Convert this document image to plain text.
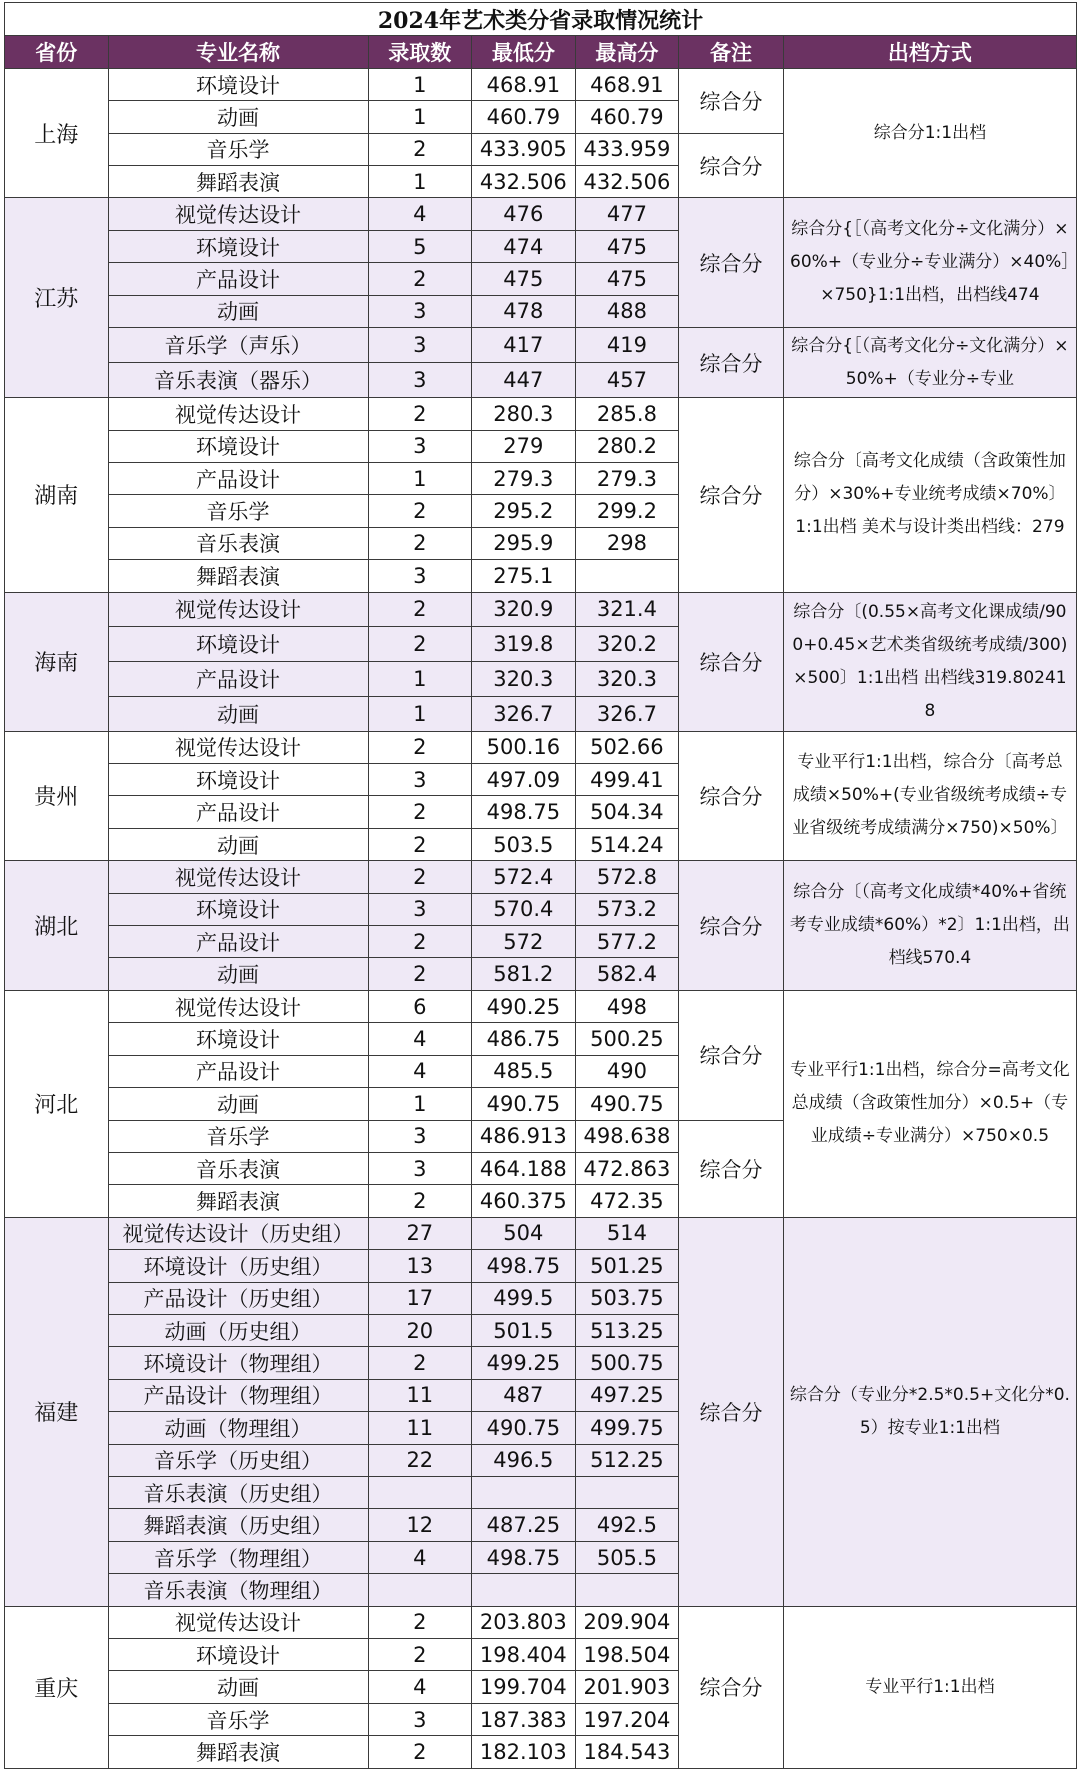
2024年艺术类分省录取情况统计						
省份	专业名称	录取数	最低分	最高分	备注	出档方式
上海	环境设计	1	468.91	468.91	综合分	综合分1:1出档
	动画	1	460.79	460.79		
	音乐学	2	433.905	433.959	综合分	
	舞蹈表演	1	432.506	432.506		
江苏	视觉传达设计	4	476	477	综合分	综合分{［（高考文化分÷文化满分）×60%+（专业分÷专业满分）×40%］×750}1:1出档，出档线474
	环境设计	5	474	475		
	产品设计	2	475	475		
	动画	3	478	488		
	音乐学（声乐）	3	417	419	综合分	综合分{［（高考文化分÷文化满分）×50%+（专业分÷专业
	音乐表演（器乐）	3	447	457		
湖南	视觉传达设计	2	280.3	285.8	综合分	综合分〔高考文化成绩（含政策性加分）×30%+专业统考成绩×70%〕1:1出档 美术与设计类出档线：279
	环境设计	3	279	280.2		
	产品设计	1	279.3	279.3		
	音乐学	2	295.2	299.2		
	音乐表演	2	295.9	298		
	舞蹈表演	3	275.1			
海南	视觉传达设计	2	320.9	321.4	综合分	综合分〔(0.55×高考文化课成绩/900+0.45×艺术类省级统考成绩/300)×500〕1:1出档 出档线319.802418
	环境设计	2	319.8	320.2		
	产品设计	1	320.3	320.3		
	动画	1	326.7	326.7		
贵州	视觉传达设计	2	500.16	502.66	综合分	专业平行1:1出档，综合分〔高考总成绩×50%+(专业省级统考成绩÷专业省级统考成绩满分×750)×50%〕
	环境设计	3	497.09	499.41		
	产品设计	2	498.75	504.34		
	动画	2	503.5	514.24		
湖北	视觉传达设计	2	572.4	572.8	综合分	综合分〔（高考文化成绩*40%+省统考专业成绩*60%）*2〕1:1出档，出档线570.4
	环境设计	3	570.4	573.2		
	产品设计	2	572	577.2		
	动画	2	581.2	582.4		
河北	视觉传达设计	6	490.25	498	综合分	专业平行1:1出档，综合分=高考文化总成绩（含政策性加分）×0.5+（专业成绩÷专业满分）×750×0.5
	环境设计	4	486.75	500.25		
	产品设计	4	485.5	490		
	动画	1	490.75	490.75		
	音乐学	3	486.913	498.638	综合分	
	音乐表演	3	464.188	472.863		
	舞蹈表演	2	460.375	472.35		
福建	视觉传达设计（历史组）	27	504	514	综合分	综合分（专业分*2.5*0.5+文化分*0.5）按专业1:1出档
	环境设计（历史组）	13	498.75	501.25		
	产品设计（历史组）	17	499.5	503.75		
	动画（历史组）	20	501.5	513.25		
	环境设计（物理组）	2	499.25	500.75		
	产品设计（物理组）	11	487	497.25		
	动画（物理组）	11	490.75	499.75		
	音乐学（历史组）	22	496.5	512.25		
	音乐表演（历史组）					
	舞蹈表演（历史组）	12	487.25	492.5		
	音乐学（物理组）	4	498.75	505.5		
	音乐表演（物理组）					
重庆	视觉传达设计	2	203.803	209.904	综合分	专业平行1:1出档
	环境设计	2	198.404	198.504		
	动画	4	199.704	201.903		
	音乐学	3	187.383	197.204		
	舞蹈表演	2	182.103	184.543		
